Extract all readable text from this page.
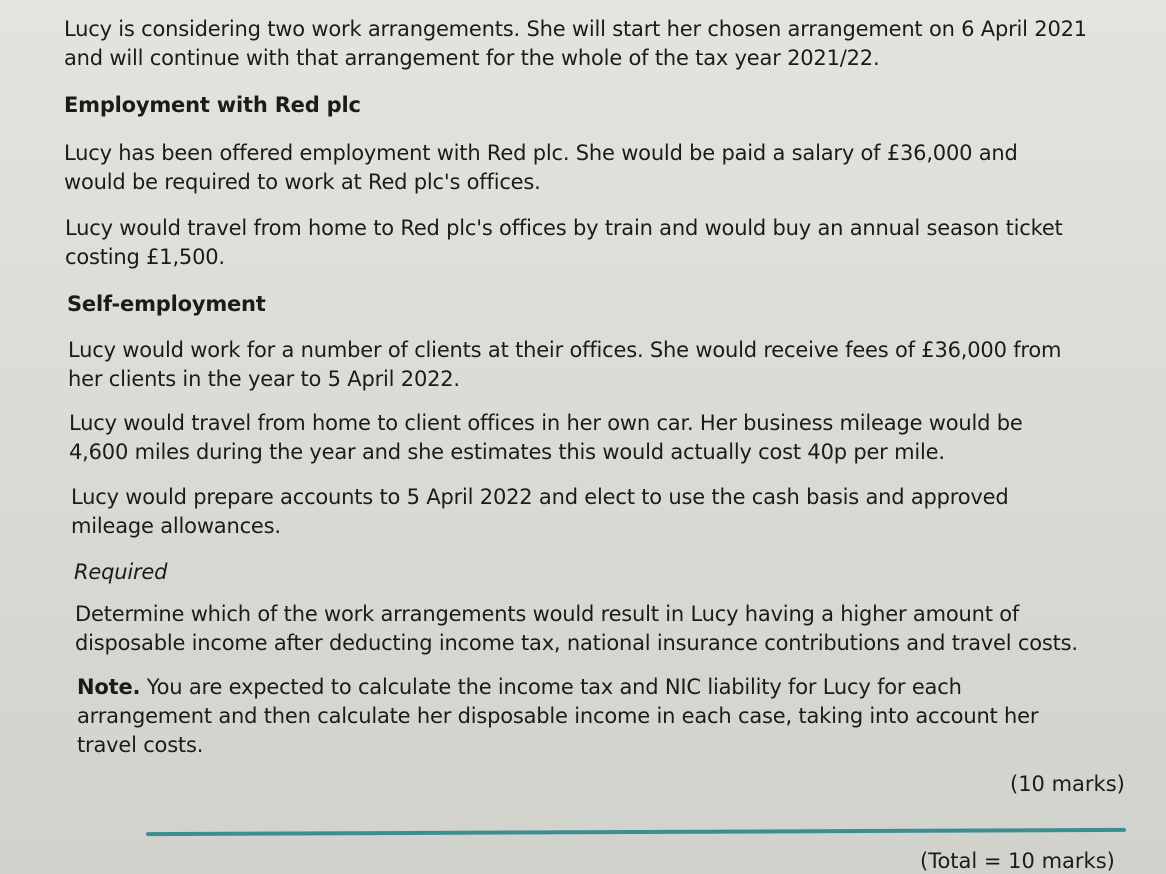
Lucy is considering two work arrangements. She will start her chosen arrangement on 6 April 2021
and will continue with that arrangement for the whole of the tax year 2021/22.
Employment with Red plc
Lucy has been offered employment with Red plc. She would be paid a salary of £36,000 and
would be required to work at Red plc's offices.
Lucy would travel from home to Red plc's offices by train and would buy an annual season ticket
costing £1,500.
Self-employment
Lucy would work for a number of clients at their offices. She would receive fees of £36,000 from
her clients in the year to 5 April 2022.
Lucy would travel from home to client offices in her own car. Her business mileage would be
4,600 miles during the year and she estimates this would actually cost 40p per mile.
Lucy would prepare accounts to 5 April 2022 and elect to use the cash basis and approved
mileage allowances.
Required
Determine which of the work arrangements would result in Lucy having a higher amount of
disposable income after deducting income tax, national insurance contributions and travel costs.
Note. You are expected to calculate the income tax and NIC liability for Lucy for each
arrangement and then calculate her disposable income in each case, taking into account her
travel costs.
(10 marks)
(Total = 10 marks)
